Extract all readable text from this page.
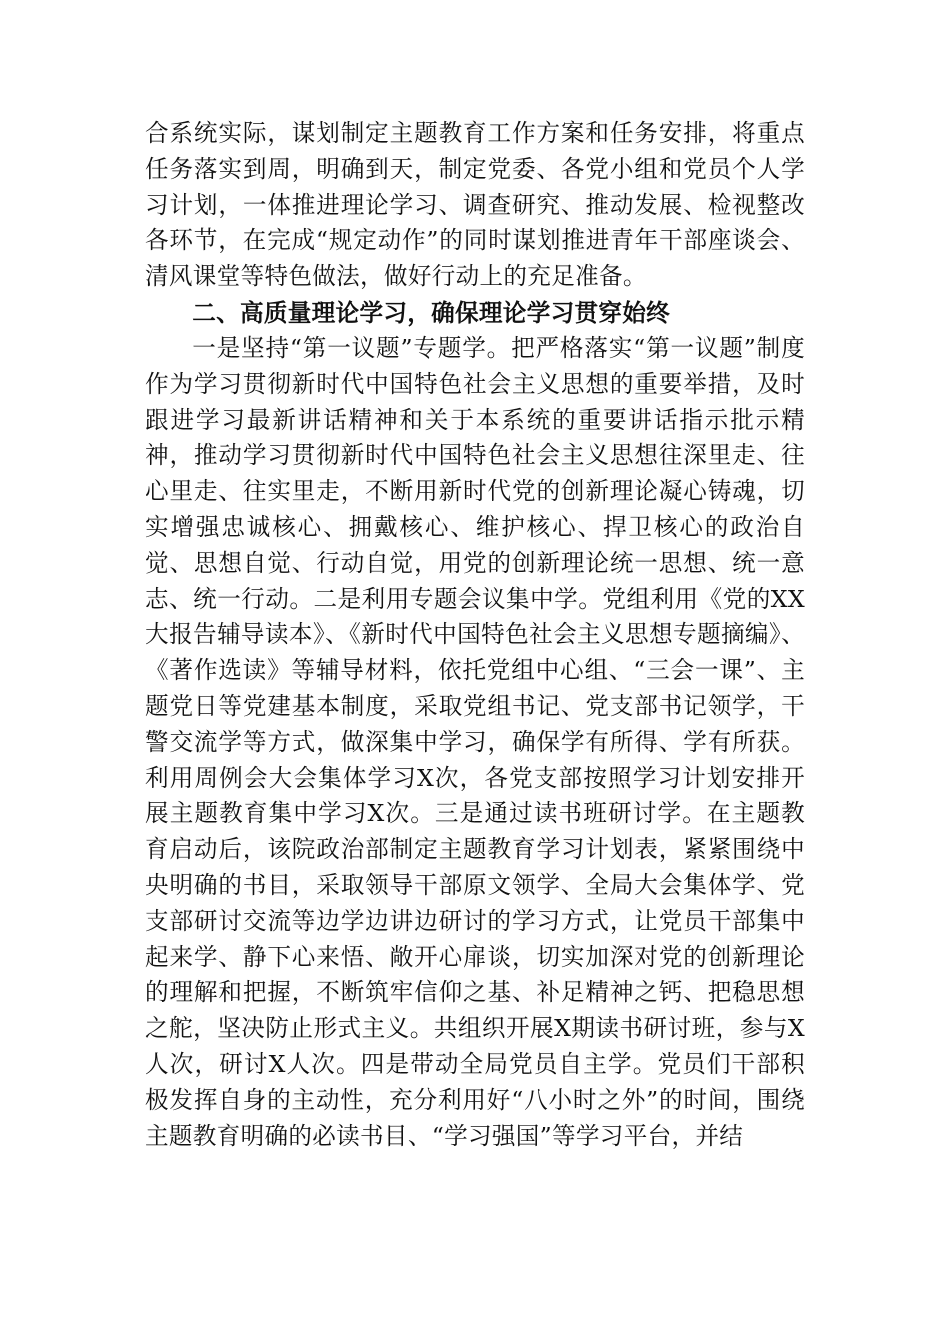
合系统实际，谋划制定主题教育工作方案和任务安排，将重点任务落实到周，明确到天，制定党委、各党小组和党员个人学习计划，一体推进理论学习、调查研究、推动发展、检视整改各环节，在完成“规定动作”的同时谋划推进青年干部座谈会、清风课堂等特色做法，做好行动上的充足准备。

二、高质量理论学习，确保理论学习贯穿始终

一是坚持“第一议题”专题学。把严格落实“第一议题”制度作为学习贯彻新时代中国特色社会主义思想的重要举措，及时跟进学习最新讲话精神和关于本系统的重要讲话指示批示精神，推动学习贯彻新时代中国特色社会主义思想往深里走、往心里走、往实里走，不断用新时代党的创新理论凝心铸魂，切实增强忠诚核心、拥戴核心、维护核心、捍卫核心的政治自觉、思想自觉、行动自觉，用党的创新理论统一思想、统一意志、统一行动。二是利用专题会议集中学。党组利用《党的XX大报告辅导读本》、《新时代中国特色社会主义思想专题摘编》、《著作选读》等辅导材料，依托党组中心组、“三会一课”、主题党日等党建基本制度，采取党组书记、党支部书记领学，干警交流学等方式，做深集中学习，确保学有所得、学有所获。利用周例会大会集体学习X次，各党支部按照学习计划安排开展主题教育集中学习X次。三是通过读书班研讨学。在主题教育启动后，该院政治部制定主题教育学习计划表，紧紧围绕中央明确的书目，采取领导干部原文领学、全局大会集体学、党支部研讨交流等边学边讲边研讨的学习方式，让党员干部集中起来学、静下心来悟、敞开心扉谈，切实加深对党的创新理论的理解和把握，不断筑牢信仰之基、补足精神之钙、把稳思想之舵，坚决防止形式主义。共组织开展X期读书研讨班，参与X人次，研讨X人次。四是带动全局党员自主学。党员们干部积极发挥自身的主动性，充分利用好“八小时之外”的时间，围绕主题教育明确的必读书目、“学习强国”等学习平台，并结
